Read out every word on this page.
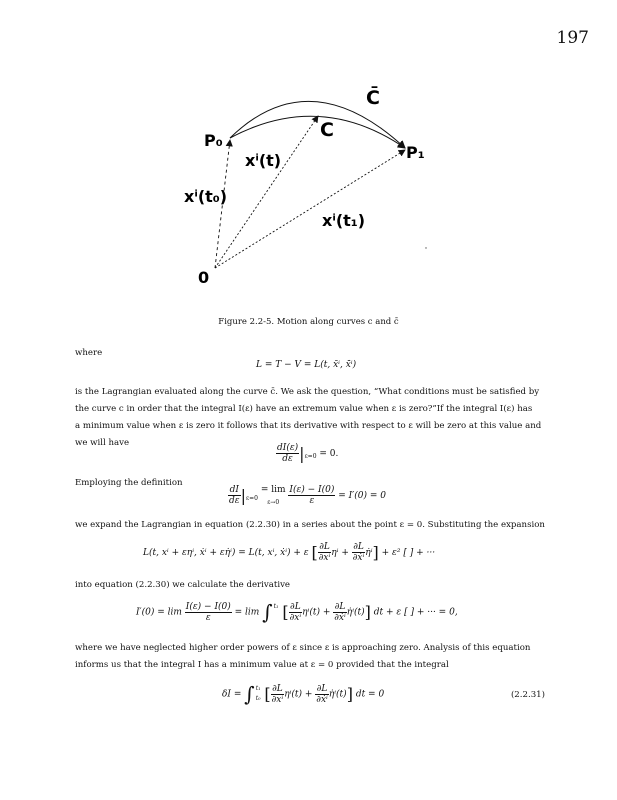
197
C̄
C
P₀
P₁
0
xⁱ(t)
xⁱ(t₀)
xⁱ(t₁)
Figure 2.2-5. Motion along curves c and c̄
where
L = T − V = L(t, x̄ⁱ, x̄̇ⁱ)
is the Lagrangian evaluated along the curve c̄. We ask the question, “What conditions must be satisfied by
the curve c in order that the integral I(ε) have an extremum value when ε is zero?”If the integral I(ε) has
a minimum value when ε is zero it follows that its derivative with respect to ε will be zero at this value and
we will have	$\frac{dI(\varepsilon)}{d\varepsilon} |_{\varepsilon=0} = 0$.
Employing the definition
$\frac{dI}{d\varepsilon} |_{\varepsilon=0} = \lim$
$_{\varepsilon\to 0} \frac{I(\varepsilon) - I(0)}{\varepsilon} = I'(0) = 0$
we expand the Lagrangian in equation (2.2.30) in a series about the point ε = 0. Substituting the expansion
L(t, xⁱ + εηⁱ, ẋⁱ + εη̇ⁱ) = L(t, xⁱ, ẋⁱ) + ε [ $\frac{\partial L}{\text{∂xⁱ}}$ $\eta^i + \frac{\partial L}{\text{∂ẋⁱ}}$ η̇ⁱ] + ε² [ ] + ···
into equation (2.2.30) we calculate the derivative
$I'(0) = \lim \frac{I(\varepsilon) - I(0)}{\varepsilon} = \lim$ ∫ t₁
[ $\frac{\partial L}{\text{∂xⁱ}} \eta^i(t) + \frac{\partial L}{\text{∂ẋⁱ}}$ η̇ⁱ(t)] dt + ε [ ] + ··· = 0,
where we have neglected higher order powers of ε since ε is approaching zero. Analysis of this equation
informs us that the integral I has a minimum value at ε = 0 provided that the integral
δI = ∫ t₁
t₀ [ $\frac{\partial L}{\text{∂xⁱ}} \eta^i(t) + \frac{\partial L}{\text{∂ẋⁱ}}$ η̇ⁱ(t)] dt = 0	(2.2.31)
